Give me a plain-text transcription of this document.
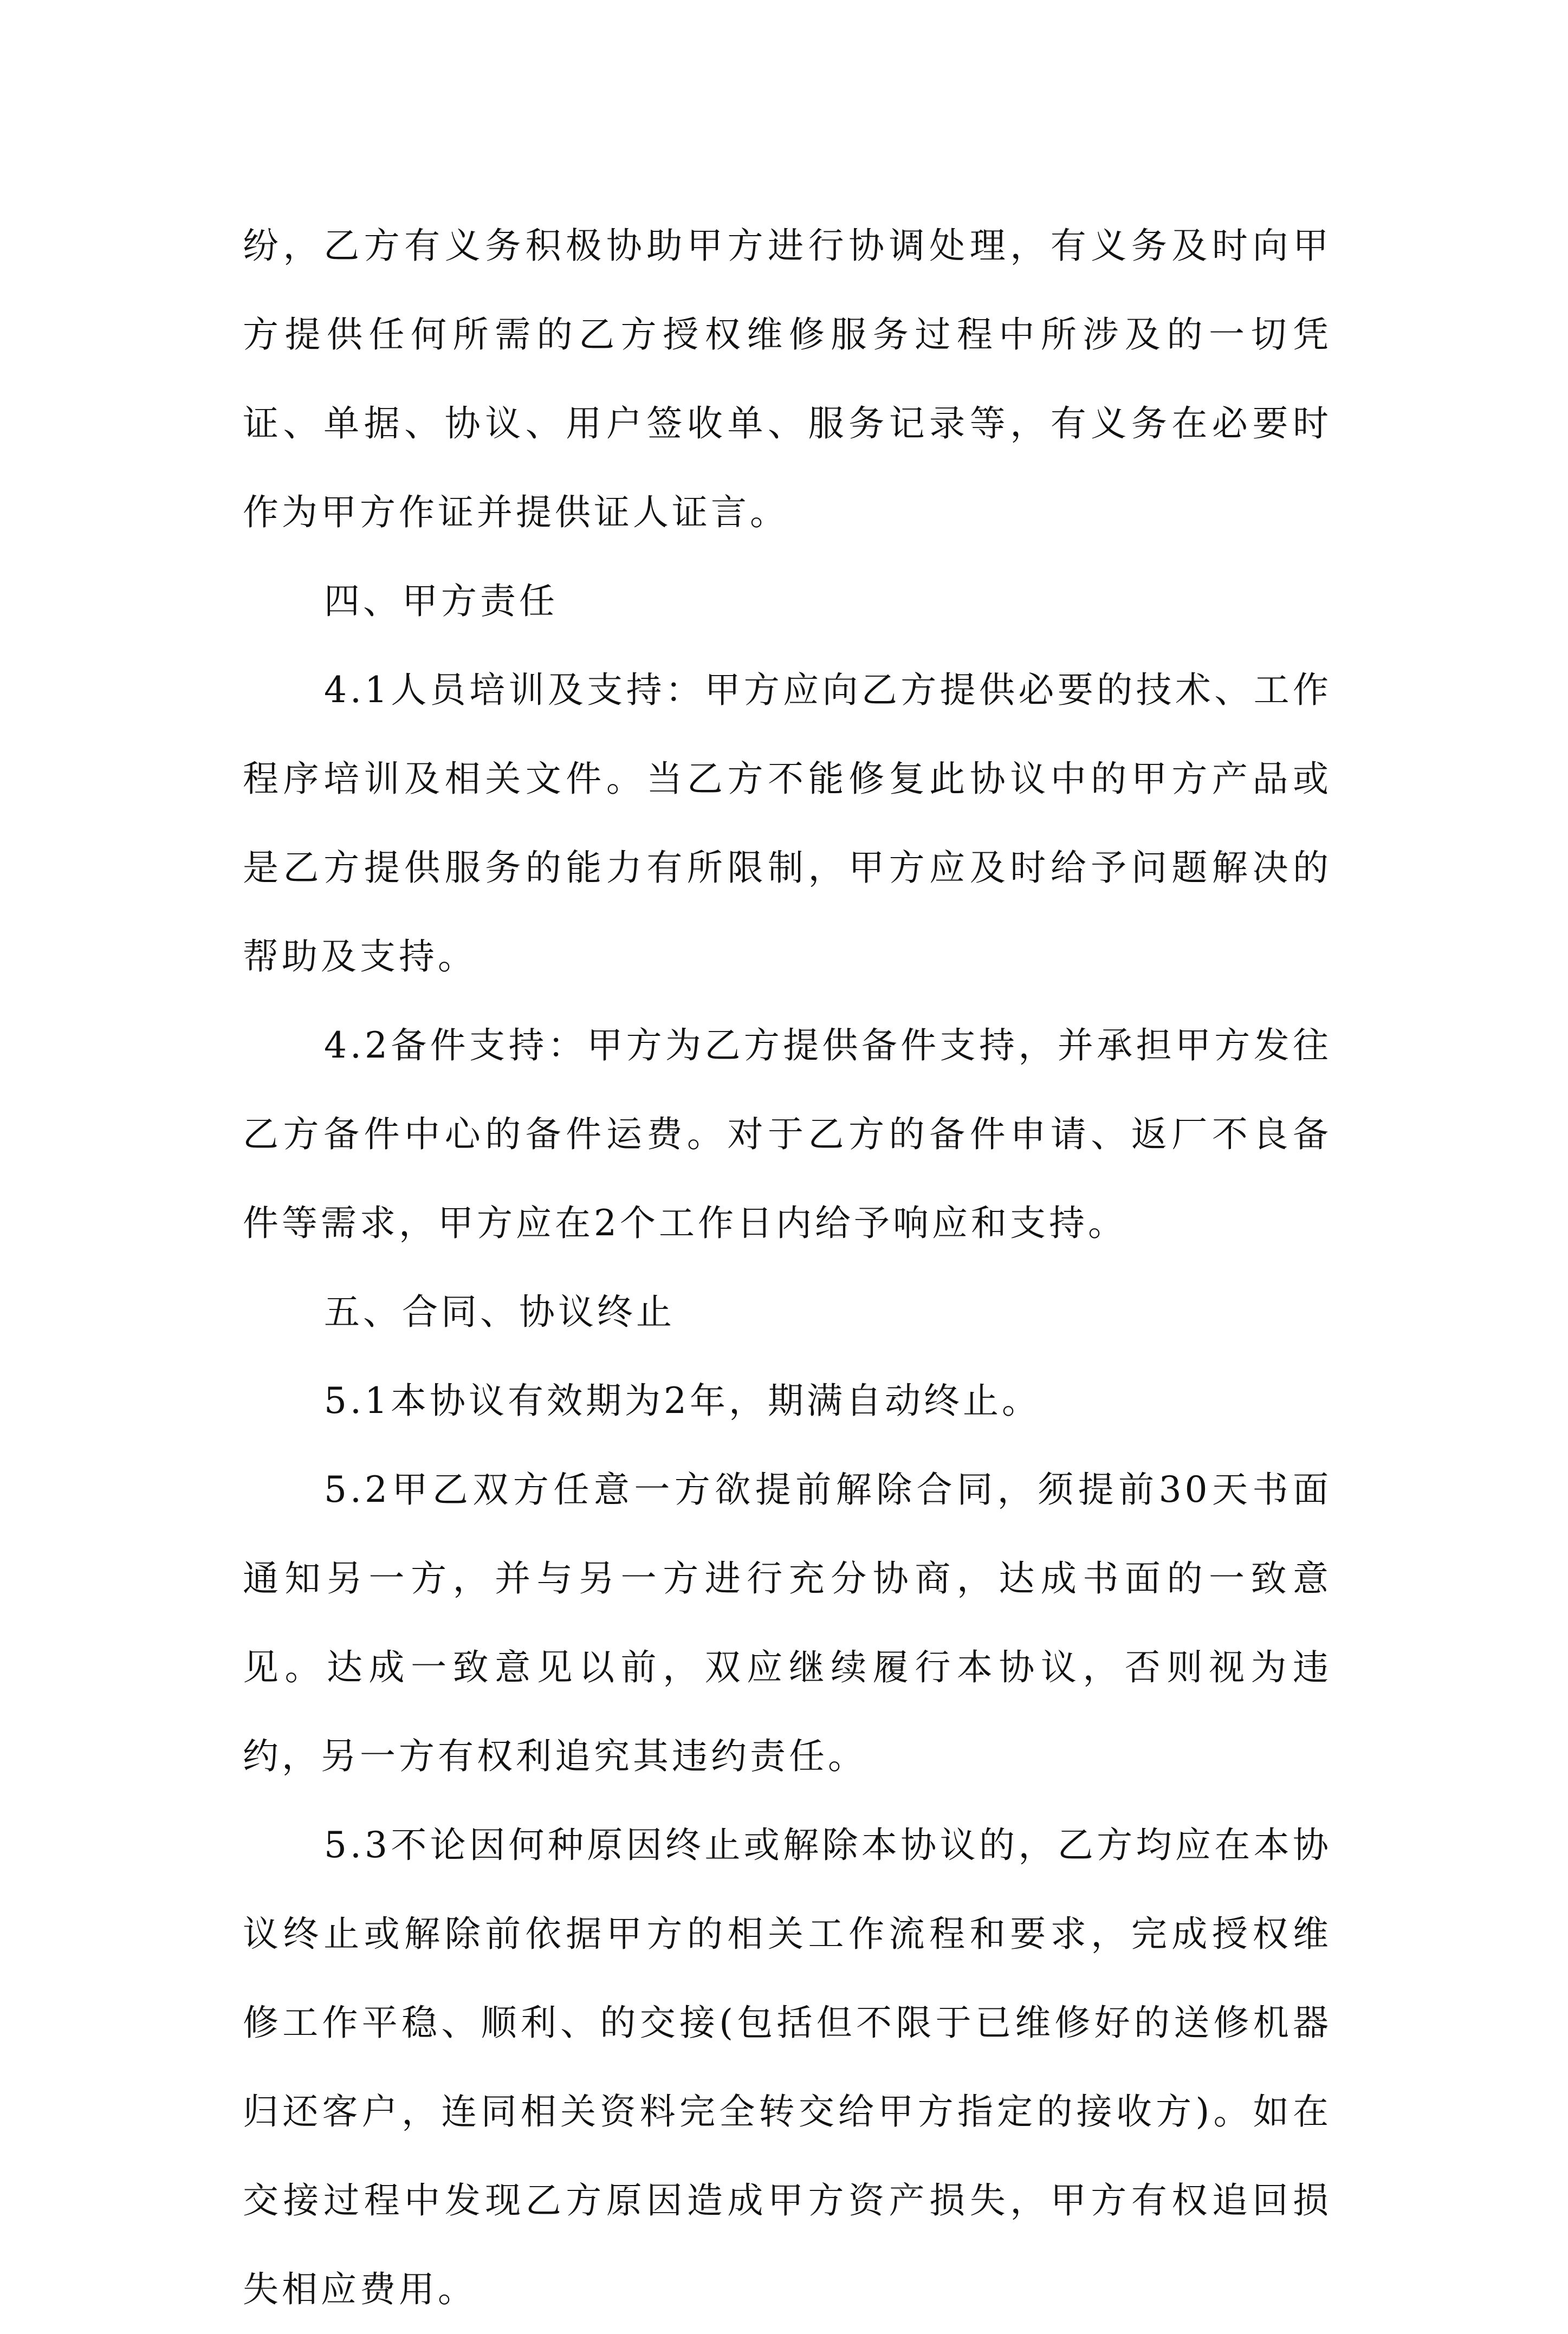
纷，乙方有义务积极协助甲方进行协调处理，有义务及时向甲方提供任何所需的乙方授权维修服务过程中所涉及的一切凭证、单据、协议、用户签收单、服务记录等，有义务在必要时作为甲方作证并提供证人证言。

四、甲方责任

4.1人员培训及支持：甲方应向乙方提供必要的技术、工作程序培训及相关文件。当乙方不能修复此协议中的甲方产品或是乙方提供服务的能力有所限制，甲方应及时给予问题解决的帮助及支持。

4.2备件支持：甲方为乙方提供备件支持，并承担甲方发往乙方备件中心的备件运费。对于乙方的备件申请、返厂不良备件等需求，甲方应在2个工作日内给予响应和支持。

五、合同、协议终止

5.1本协议有效期为2年，期满自动终止。

5.2甲乙双方任意一方欲提前解除合同，须提前30天书面通知另一方，并与另一方进行充分协商，达成书面的一致意见。达成一致意见以前，双应继续履行本协议，否则视为违约，另一方有权利追究其违约责任。

5.3不论因何种原因终止或解除本协议的，乙方均应在本协议终止或解除前依据甲方的相关工作流程和要求，完成授权维修工作平稳、顺利、的交接(包括但不限于已维修好的送修机器归还客户，连同相关资料完全转交给甲方指定的接收方)。如在交接过程中发现乙方原因造成甲方资产损失，甲方有权追回损失相应费用。
